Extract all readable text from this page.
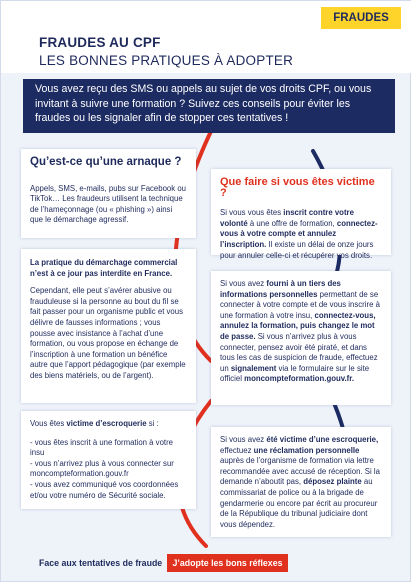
FRAUDES
FRAUDES AU CPF
LES BONNES PRATIQUES À ADOPTER
Vous avez reçu des SMS ou appels au sujet de vos droits CPF, ou vous invitant à suivre une formation ? Suivez ces conseils pour éviter les fraudes ou les signaler afin de stopper ces tentatives !
Qu’est-ce qu’une arnaque ?
Appels, SMS, e-mails, pubs sur Facebook ou TikTok… Les fraudeurs utilisent la technique de l’hameçonnage (ou « phishing ») ainsi que le démarchage agressif.
La pratique du démarchage commercial n’est à ce jour pas interdite en France.
Cependant, elle peut s’avérer abusive ou frauduleuse si la personne au bout du fil se fait passer pour un organisme public et vous délivre de fausses informations ; vous pousse avec insistance à l’achat d’une formation, ou vous propose en échange de l’inscription à une formation un bénéfice autre que l’apport pédagogique (par exemple des biens matériels, ou de l’argent).
Vous êtes victime d’escroquerie si :
- vous êtes inscrit à une formation à votre insu
- vous n’arrivez plus à vous connecter sur moncompteformation.gouv.fr
- vous avez communiqué vos coordonnées et/ou votre numéro de Sécurité sociale.
Que faire si vous êtes victime ?
Si vous vous êtes inscrit contre votre volonté à une offre de formation, connectez-vous à votre compte et annulez l’inscription. Il existe un délai de onze jours pour annuler celle-ci et récupérer vos droits.
Si vous avez fourni à un tiers des informations personnelles permettant de se connecter à votre compte et de vous inscrire à une formation à votre insu, connectez-vous, annulez la formation, puis changez le mot de passe. Si vous n’arrivez plus à vous connecter, pensez avoir été piraté, et dans tous les cas de suspicion de fraude, effectuez un signalement via le formulaire sur le site officiel moncompteformation.gouv.fr.
Si vous avez été victime d’une escroquerie, effectuez une réclamation personnelle auprès de l’organisme de formation via lettre recommandée avec accusé de réception. Si la demande n’aboutit pas, déposez plainte au commissariat de police ou à la brigade de gendarmerie ou encore par écrit au procureur de la République du tribunal judiciaire dont vous dépendez.
Face aux tentatives de fraude	J’adopte les bons réflexes
